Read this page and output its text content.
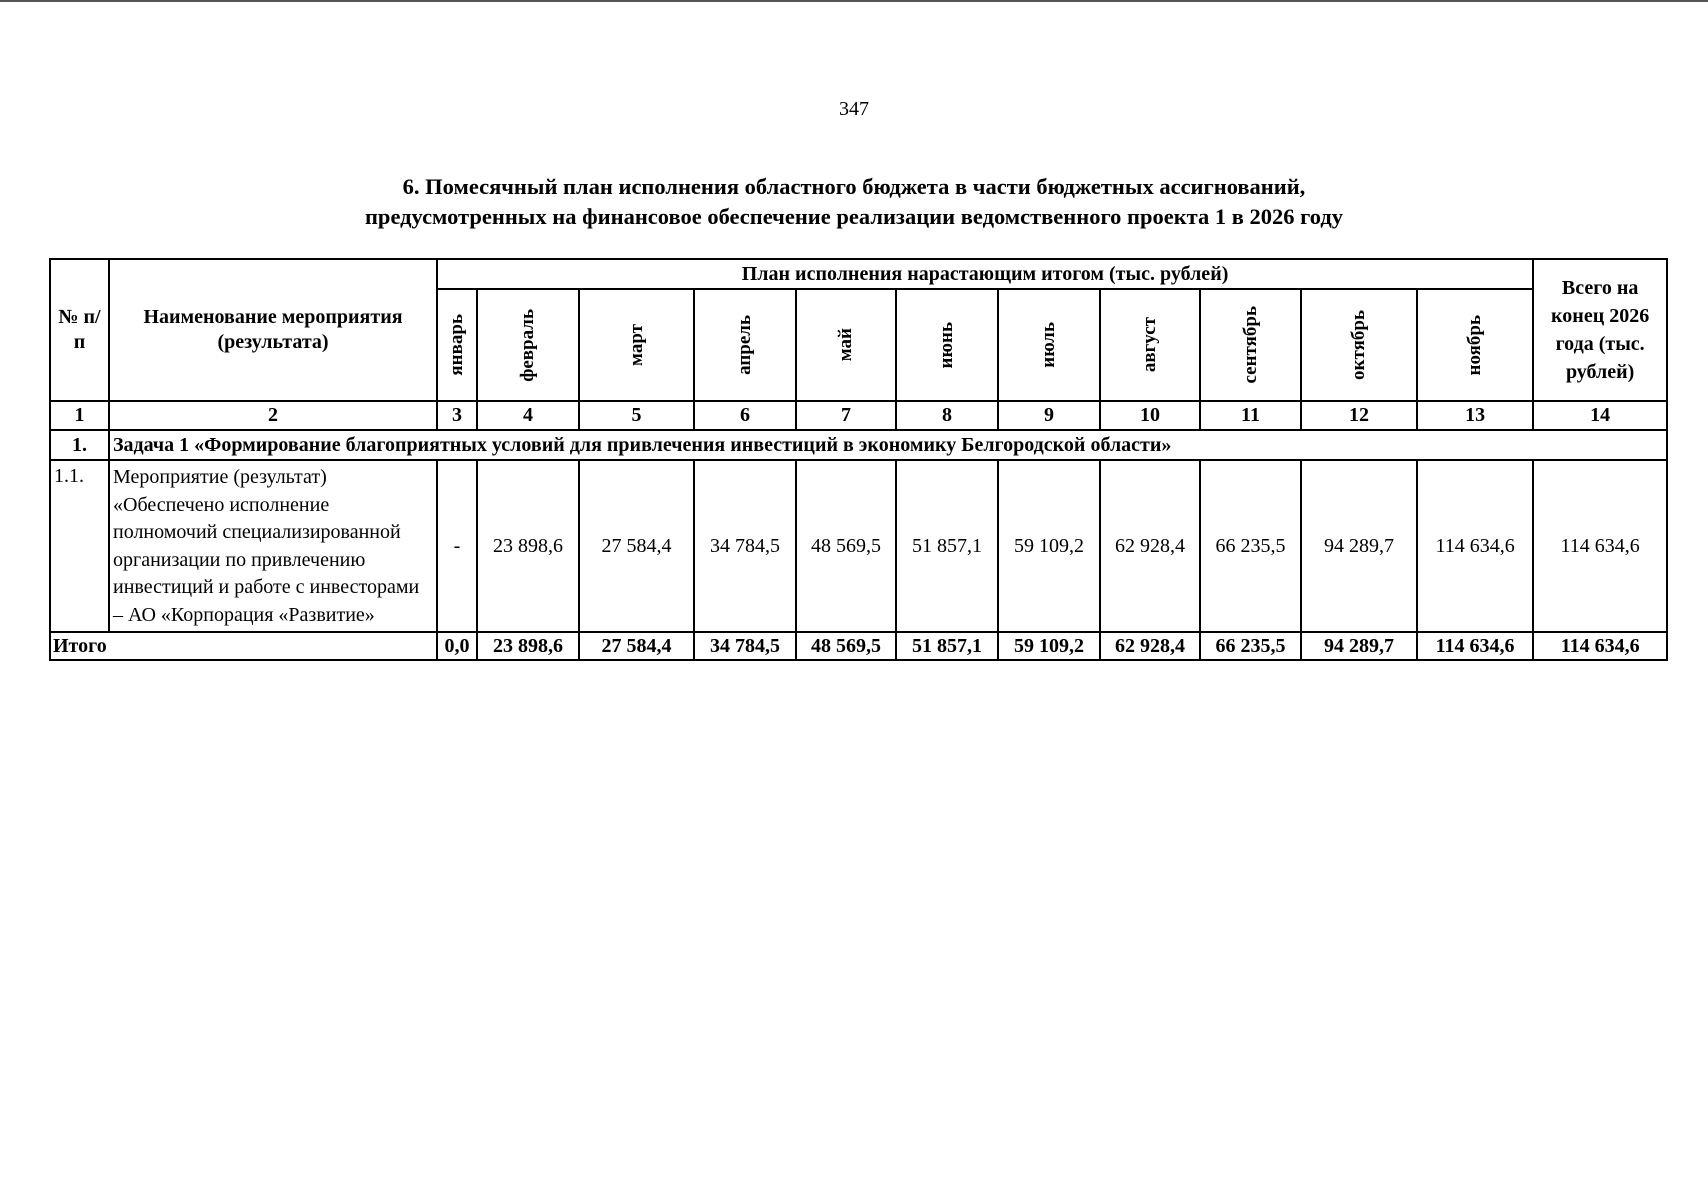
347
6. Помесячный план исполнения областного бюджета в части бюджетных ассигнований,
предусмотренных на финансовое обеспечение реализации ведомственного проекта 1 в 2026 году
№ п/п	Наименование мероприятия (результата)	План исполнения нарастающим итогом (тыс. рублей)											Всего на конец 2026 года (тыс. рублей)

		январь	февраль	март	апрель	май	июнь	июль	август	сентябрь	октябрь	ноябрь	

1	2	3	4	5	6	7	8	9	10	11	12	13	14
1.	Задача 1 «Формирование благоприятных условий для привлечения инвестиций в экономику Белгородской области»												
1.1.	Мероприятие (результат) «Обеспечено исполнение полномочий специализированной организации по привлечению инвестиций и работе с инвесторами – АО «Корпорация «Развитие»	-	23 898,6	27 584,4	34 784,5	48 569,5	51 857,1	59 109,2	62 928,4	66 235,5	94 289,7	114 634,6	114 634,6
Итого		0,0	23 898,6	27 584,4	34 784,5	48 569,5	51 857,1	59 109,2	62 928,4	66 235,5	94 289,7	114 634,6	114 634,6
